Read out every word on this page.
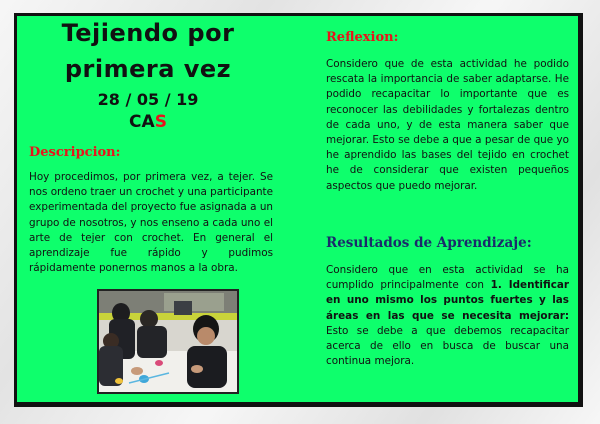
Tejiendo por
primera vez
28 / 05 / 19
CAS
Descripcion:

Hoy procedimos, por primera vez, a tejer. Se nos ordeno traer un crochet y una participante experimentada del proyecto fue asignada a un grupo de nosotros, y nos enseno a cada uno el arte de tejer con crochet. En general el aprendizaje fue rápido y pudimos rápidamente ponernos manos a la obra.

Reflexion:

Considero que de esta actividad he podido rescata la importancia de saber adaptarse. He podido recapacitar lo importante que es reconocer las debilidades y fortalezas dentro de cada uno, y de esta manera saber que mejorar. Esto se debe a que a pesar de que yo he aprendido las bases del tejido en crochet he de considerar que existen pequeños aspectos que puedo mejorar.

Resultados de Aprendizaje:

Considero que en esta actividad se ha cumplido principalmente con 1. Identificar en uno mismo los puntos fuertes y las áreas en las que se necesita mejorar: Esto se debe a que debemos recapacitar acerca de ello en busca de buscar una continua mejora.
